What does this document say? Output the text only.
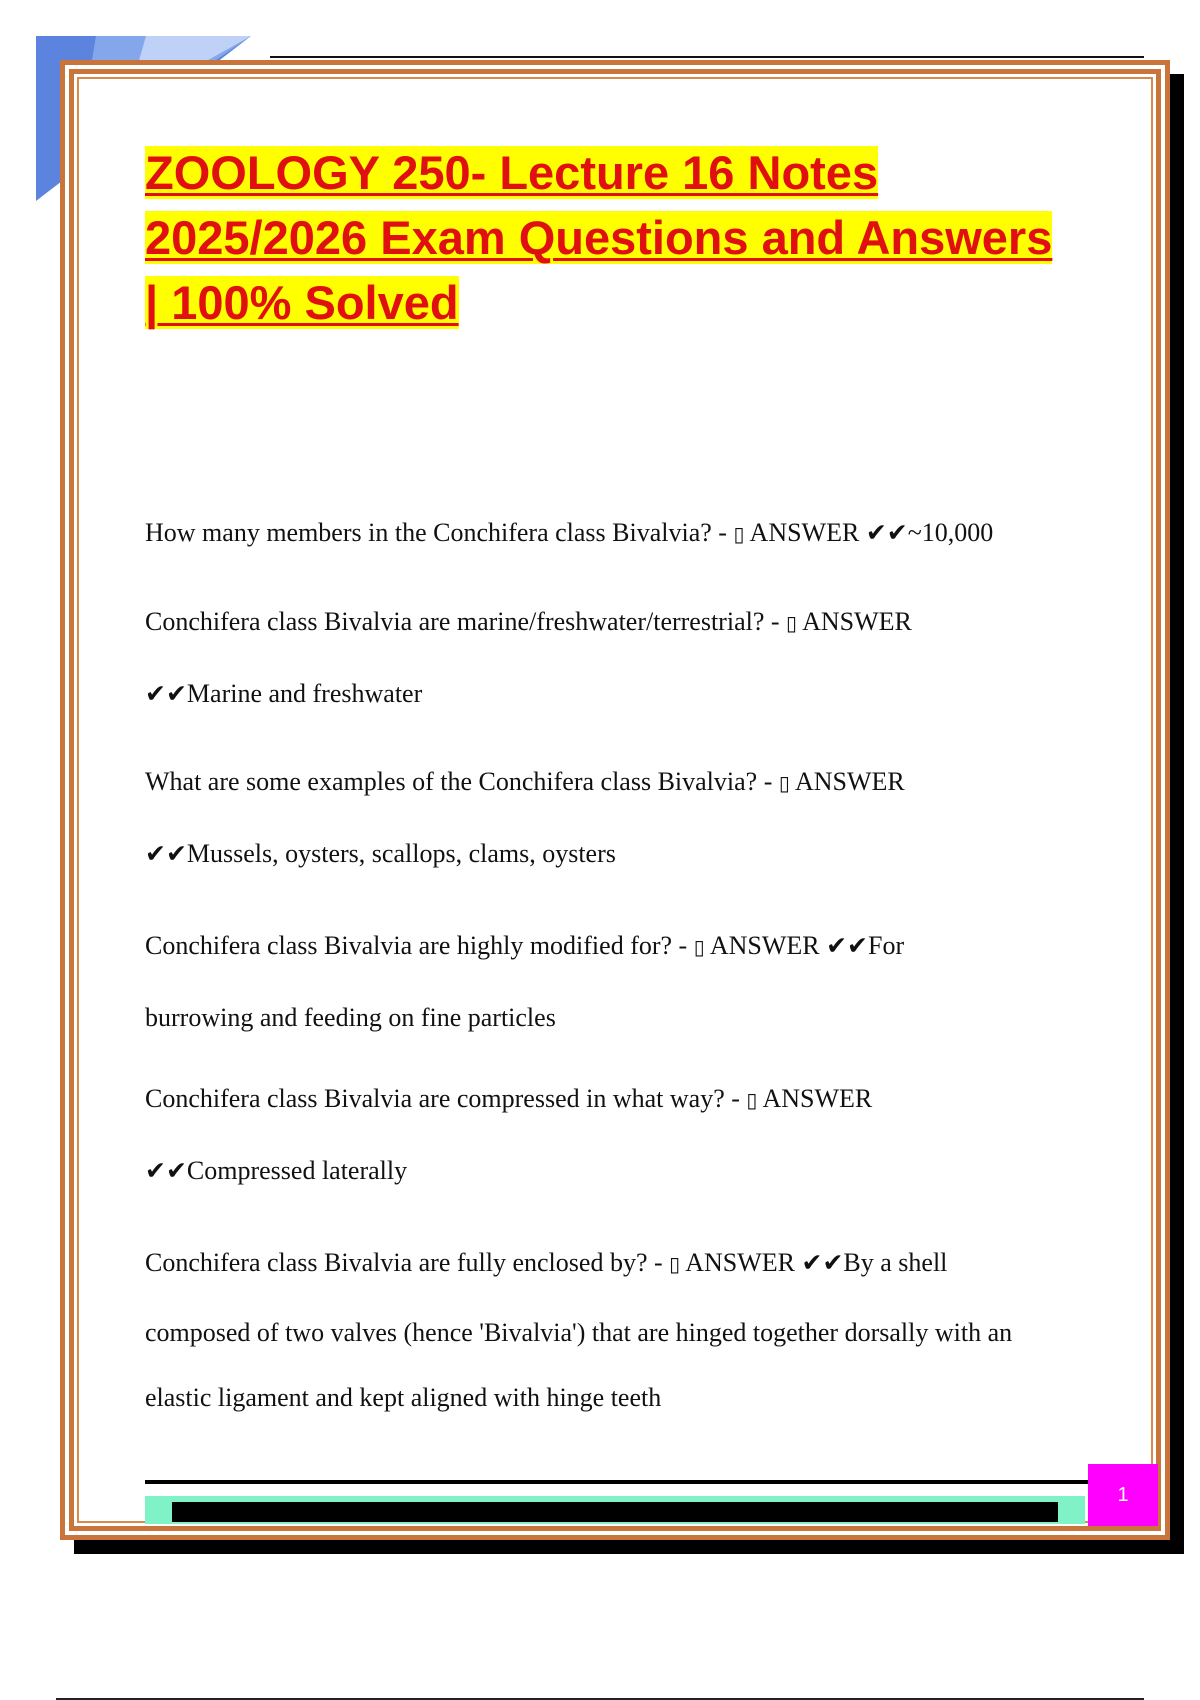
ZOOLOGY 250- Lecture 16 Notes
2025/2026 Exam Questions and Answers
| 100% Solved

How many members in the Conchifera class Bivalvia? - ▯ ANSWER ✔✔~10,000

Conchifera class Bivalvia are marine/freshwater/terrestrial? - ▯ ANSWER
✔✔Marine and freshwater

What are some examples of the Conchifera class Bivalvia? - ▯ ANSWER
✔✔Mussels, oysters, scallops, clams, oysters

Conchifera class Bivalvia are highly modified for? - ▯ ANSWER ✔✔For
burrowing and feeding on fine particles

Conchifera class Bivalvia are compressed in what way? - ▯ ANSWER
✔✔Compressed laterally

Conchifera class Bivalvia are fully enclosed by? - ▯ ANSWER ✔✔By a shell
composed of two valves (hence 'Bivalvia') that are hinged together dorsally with an
elastic ligament and kept aligned with hinge teeth

1
